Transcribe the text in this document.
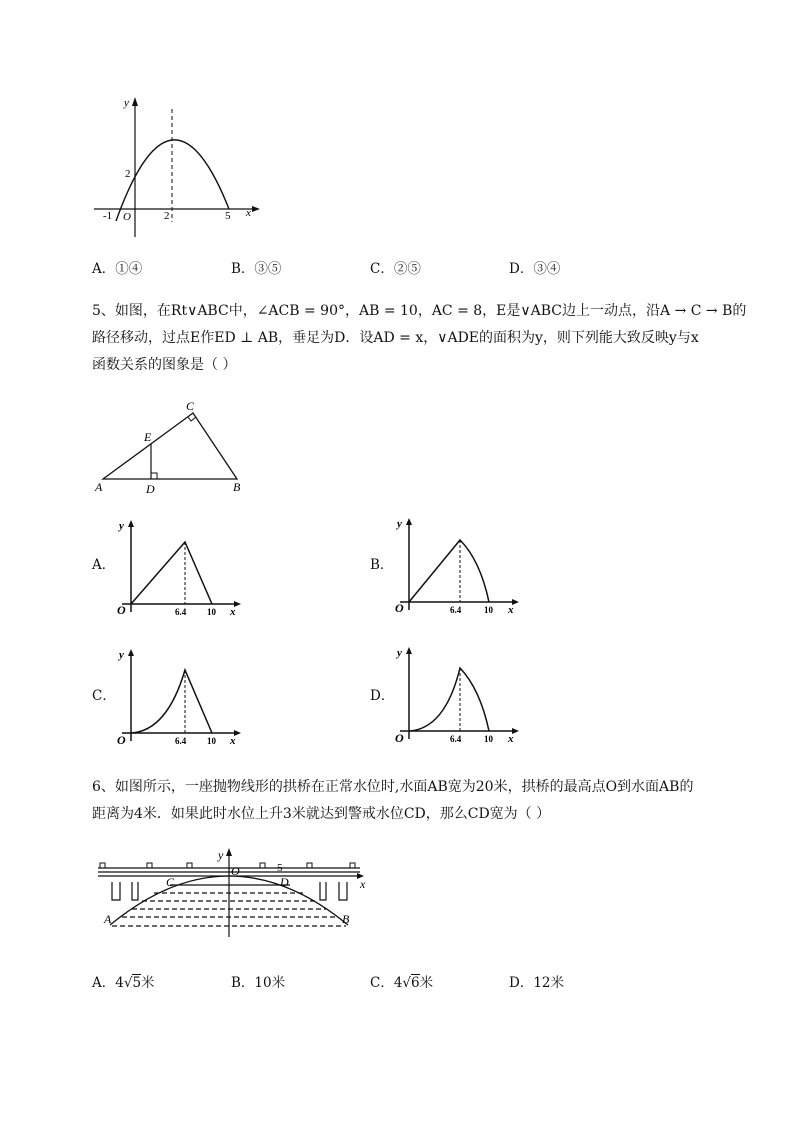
y
x
O
-1	2	5
2
A．①④	B．③⑤	C．②⑤	D．③④
5、如图，在Rt∨ABC中，∠ACB = 90°，AB = 10，AC = 8，E是∨ABC边上一动点，沿A → C → B的
路径移动，过点E作ED ⊥ AB，垂足为D．设AD = x，∨ADE的面积为y，则下列能大致反映y与x
函数关系的图象是（ ）
A	B
C
D
E
A．	B．
C．	D．
y
O	6.4 10 x
y
O	6.4	10 x
y
O	6.4 10 x
y
O	6.4	10 x
6、如图所示，一座抛物线形的拱桥在正常水位时,水面AB宽为20米，拱桥的最高点O到水面AB的
距离为4米．如果此时水位上升3米就达到警戒水位CD，那么CD宽为（ ）
y
x
O	5
C	D
A	B
A．4√5米	B．10米	C．4√6米	D．12米
